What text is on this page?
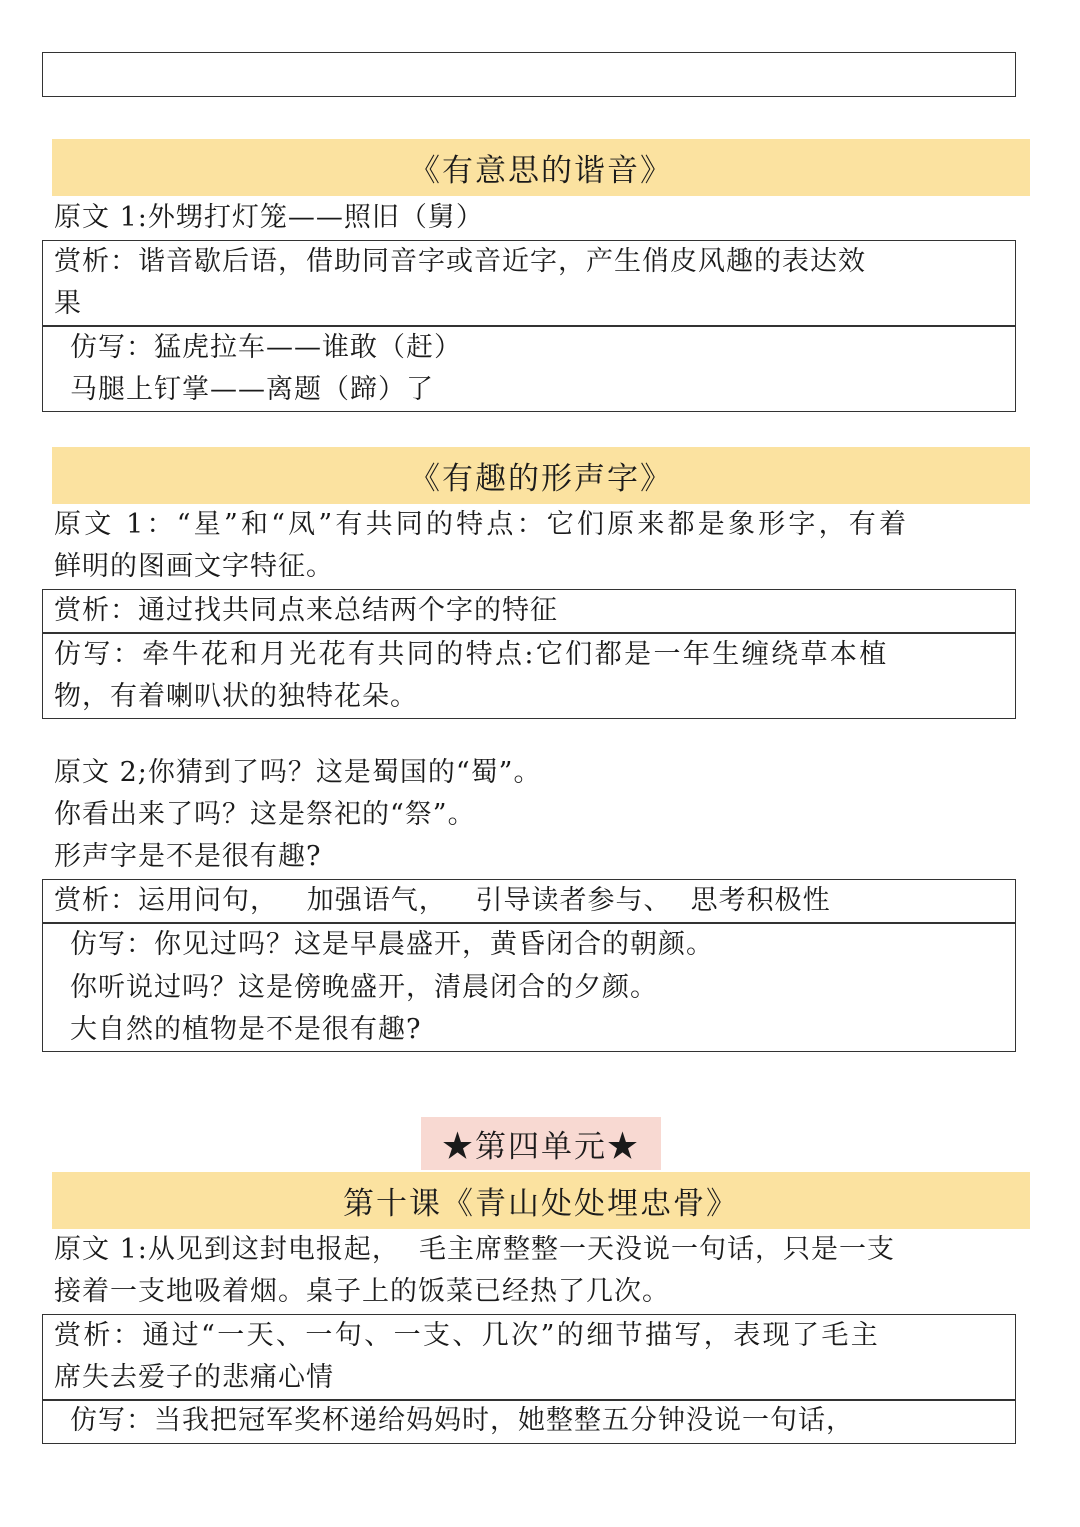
《有意思的谐音》
原文 1:外甥打灯笼——照旧（舅）
赏析：谐音歇后语，借助同音字或音近字，产生俏皮风趣的表达效
果
仿写：猛虎拉车——谁敢（赶）
马腿上钉掌——离题（蹄）了
《有趣的形声字》
原文 1：“星”和“凤”有共同的特点：它们原来都是象形字，有着
鲜明的图画文字特征。
赏析：通过找共同点来总结两个字的特征
仿写：牵牛花和月光花有共同的特点:它们都是一年生缠绕草本植
物，有着喇叭状的独特花朵。
原文 2;你猜到了吗？这是蜀国的“蜀”。
你看出来了吗？这是祭祀的“祭”。
形声字是不是很有趣?
赏析：运用问句，   加强语气，   引导读者参与、  思考积极性
仿写：你见过吗？这是早晨盛开，黄昏闭合的朝颜。
你听说过吗？这是傍晚盛开，清晨闭合的夕颜。
大自然的植物是不是很有趣?
★第四单元★
第十课《青山处处埋忠骨》
原文 1:从见到这封电报起，  毛主席整整一天没说一句话，只是一支
接着一支地吸着烟。桌子上的饭菜已经热了几次。
赏析：通过“一天、一句、一支、几次”的细节描写，表现了毛主
席失去爱子的悲痛心情
仿写：当我把冠军奖杯递给妈妈时，她整整五分钟没说一句话，
